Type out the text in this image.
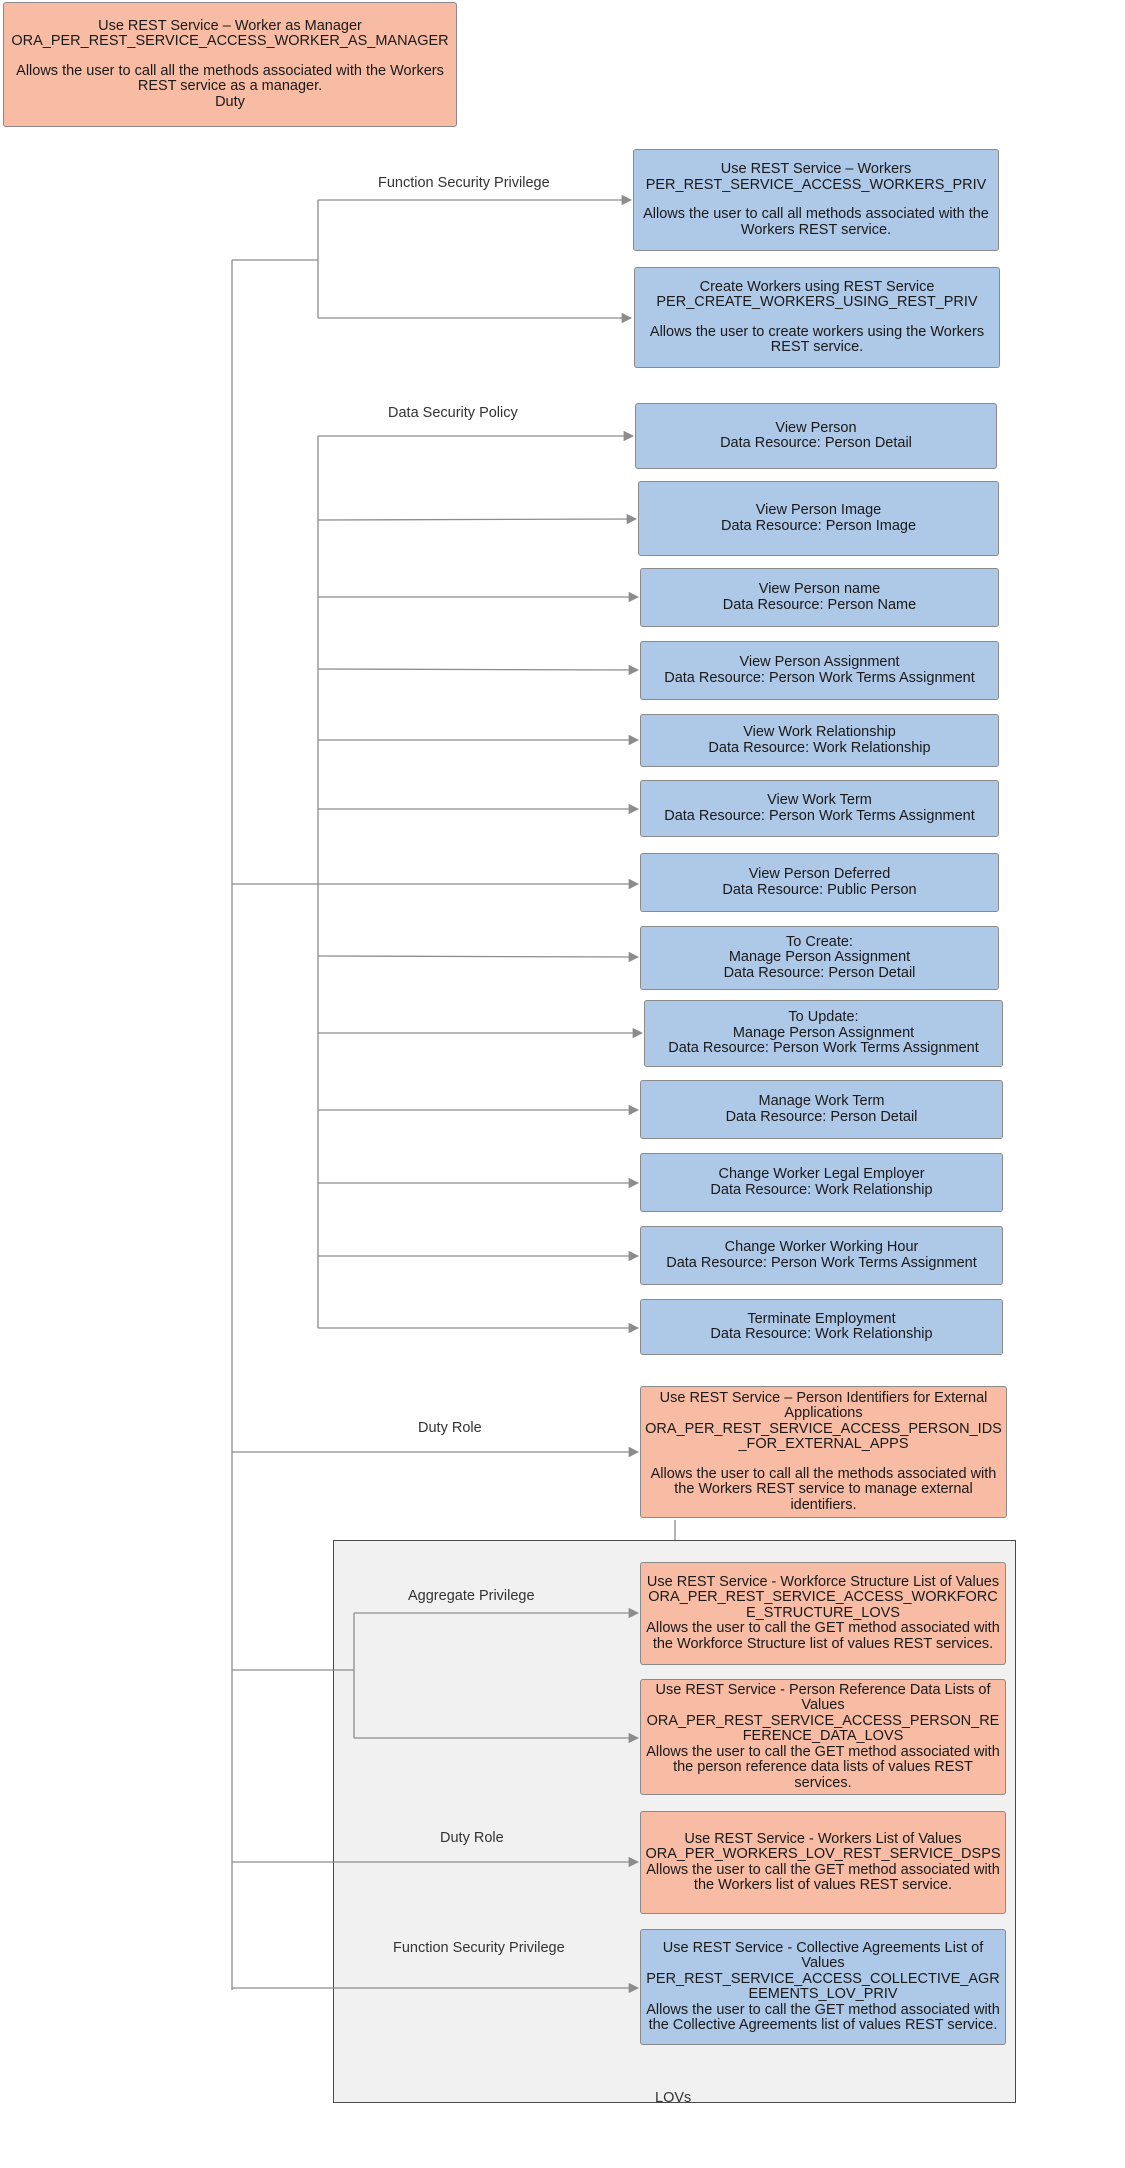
LOVs
Use REST Service – Worker as Manager
ORA_PER_REST_SERVICE_ACCESS_WORKER_AS_MANAGER
Allows the user to call all the methods associated with the Workers REST service as a manager.
Duty
Function Security Privilege
Data Security Policy
Duty Role
Aggregate Privilege
Duty Role
Function Security Privilege
Use REST Service – Workers
PER_REST_SERVICE_ACCESS_WORKERS_PRIV
Allows the user to call all methods associated with the Workers REST service.
Create Workers using REST Service
PER_CREATE_WORKERS_USING_REST_PRIV
Allows the user to create workers using the Workers REST service.
View Person
Data Resource: Person Detail
View Person Image
Data Resource: Person Image
View Person name
Data Resource: Person Name
View Person Assignment
Data Resource: Person Work Terms Assignment
View Work Relationship
Data Resource: Work Relationship
View Work Term
Data Resource: Person Work Terms Assignment
View Person Deferred
Data Resource: Public Person
To Create:
Manage Person Assignment
Data Resource: Person Detail
To Update:
Manage Person Assignment
Data Resource: Person Work Terms Assignment
Manage Work Term
Data Resource: Person Detail
Change Worker Legal Employer
Data Resource: Work Relationship
Change Worker Working Hour
Data Resource: Person Work Terms Assignment
Terminate Employment
Data Resource: Work Relationship
Use REST Service – Person Identifiers for External Applications
ORA_PER_REST_SERVICE_ACCESS_PERSON_IDS_FOR_EXTERNAL_APPS
Allows the user to call all the methods associated with the Workers REST service to manage external identifiers.
Use REST Service - Workforce Structure List of Values
ORA_PER_REST_SERVICE_ACCESS_WORKFORCE_STRUCTURE_LOVS
Allows the user to call the GET method associated with the Workforce Structure list of values REST services.
Use REST Service - Person Reference Data Lists of Values
ORA_PER_REST_SERVICE_ACCESS_PERSON_REFERENCE_DATA_LOVS
Allows the user to call the GET method associated with the person reference data lists of values REST services.
Use REST Service - Workers List of Values
ORA_PER_WORKERS_LOV_REST_SERVICE_DSPS
Allows the user to call the GET method associated with the Workers list of values REST service.
Use REST Service - Collective Agreements List of Values
PER_REST_SERVICE_ACCESS_COLLECTIVE_AGREEMENTS_LOV_PRIV
Allows the user to call the GET method associated with the Collective Agreements list of values REST service.
